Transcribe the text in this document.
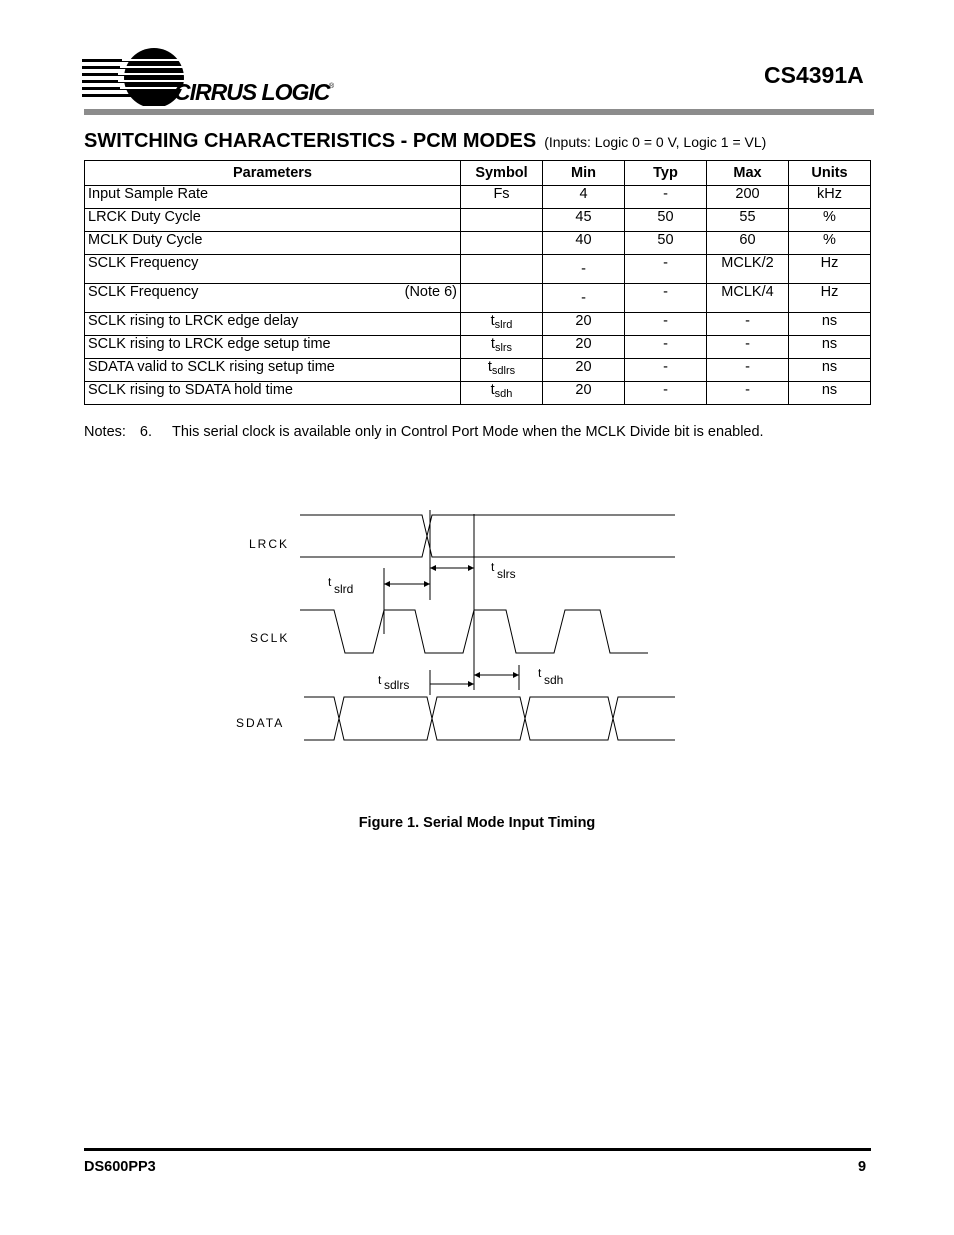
CIRRUS LOGIC ®	CS4391A
SWITCHING CHARACTERISTICS - PCM MODES (Inputs: Logic 0 = 0 V, Logic 1 = VL)
Parameters	Symbol	Min	Typ	Max	Units
Input Sample Rate	Fs	4	-	200	kHz
LRCK Duty Cycle		45	50	55	%
MCLK Duty Cycle		40	50	60	%
SCLK Frequency		-	-	MCLK/2	Hz
SCLK Frequency (Note 6)		-	-	MCLK/4	Hz
SCLK rising to LRCK edge delay	$t_{slrd}$	20	-	-	ns
SCLK rising to LRCK edge setup time	$t_{slrs}$	20	-	-	ns
SDATA valid to SCLK rising setup time	$t_{sdlrs}$	20	-	-	ns
SCLK rising to SDATA hold time	$t_{sdh}$	20	-	-	ns
Notes: 6. This serial clock is available only in Control Port Mode when the MCLK Divide bit is enabled.
LRCK
SCLK
SDATA
t slrd
t slrs
t sdlrs
t sdh
Figure 1. Serial Mode Input Timing
DS600PP3	9
